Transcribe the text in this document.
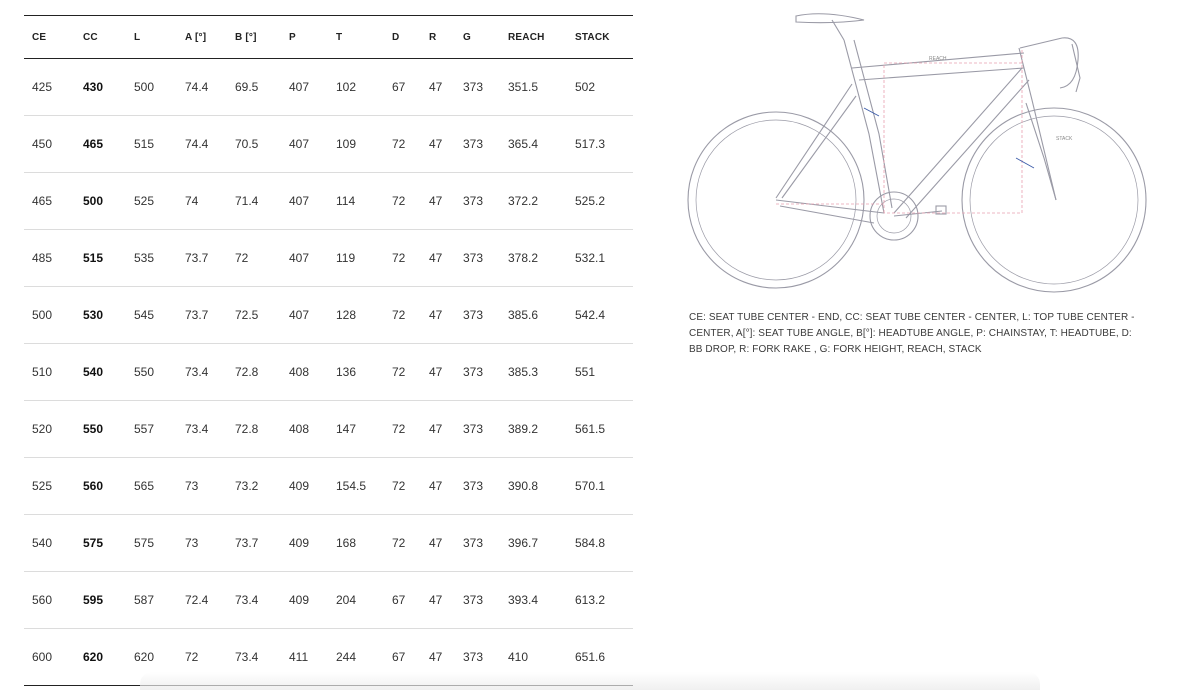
CE	CC	L	A [°]	B [°]	P	T	D	R	G	REACH	STACK
425	430	500	74.4	69.5	407	102	67	47	373	351.5	502
450	465	515	74.4	70.5	407	109	72	47	373	365.4	517.3
465	500	525	74	71.4	407	114	72	47	373	372.2	525.2
485	515	535	73.7	72	407	119	72	47	373	378.2	532.1
500	530	545	73.7	72.5	407	128	72	47	373	385.6	542.4
510	540	550	73.4	72.8	408	136	72	47	373	385.3	551
520	550	557	73.4	72.8	408	147	72	47	373	389.2	561.5
525	560	565	73	73.2	409	154.5	72	47	373	390.8	570.1
540	575	575	73	73.7	409	168	72	47	373	396.7	584.8
560	595	587	72.4	73.4	409	204	67	47	373	393.4	613.2
600	620	620	72	73.4	411	244	67	47	373	410	651.6
REACH
STACK
CE: SEAT TUBE CENTER - END, CC: SEAT TUBE CENTER - CENTER, L: TOP TUBE CENTER - CENTER, A[°]: SEAT TUBE ANGLE, B[°]: HEADTUBE ANGLE, P: CHAINSTAY, T: HEADTUBE, D: BB DROP, R: FORK RAKE , G: FORK HEIGHT, REACH, STACK
